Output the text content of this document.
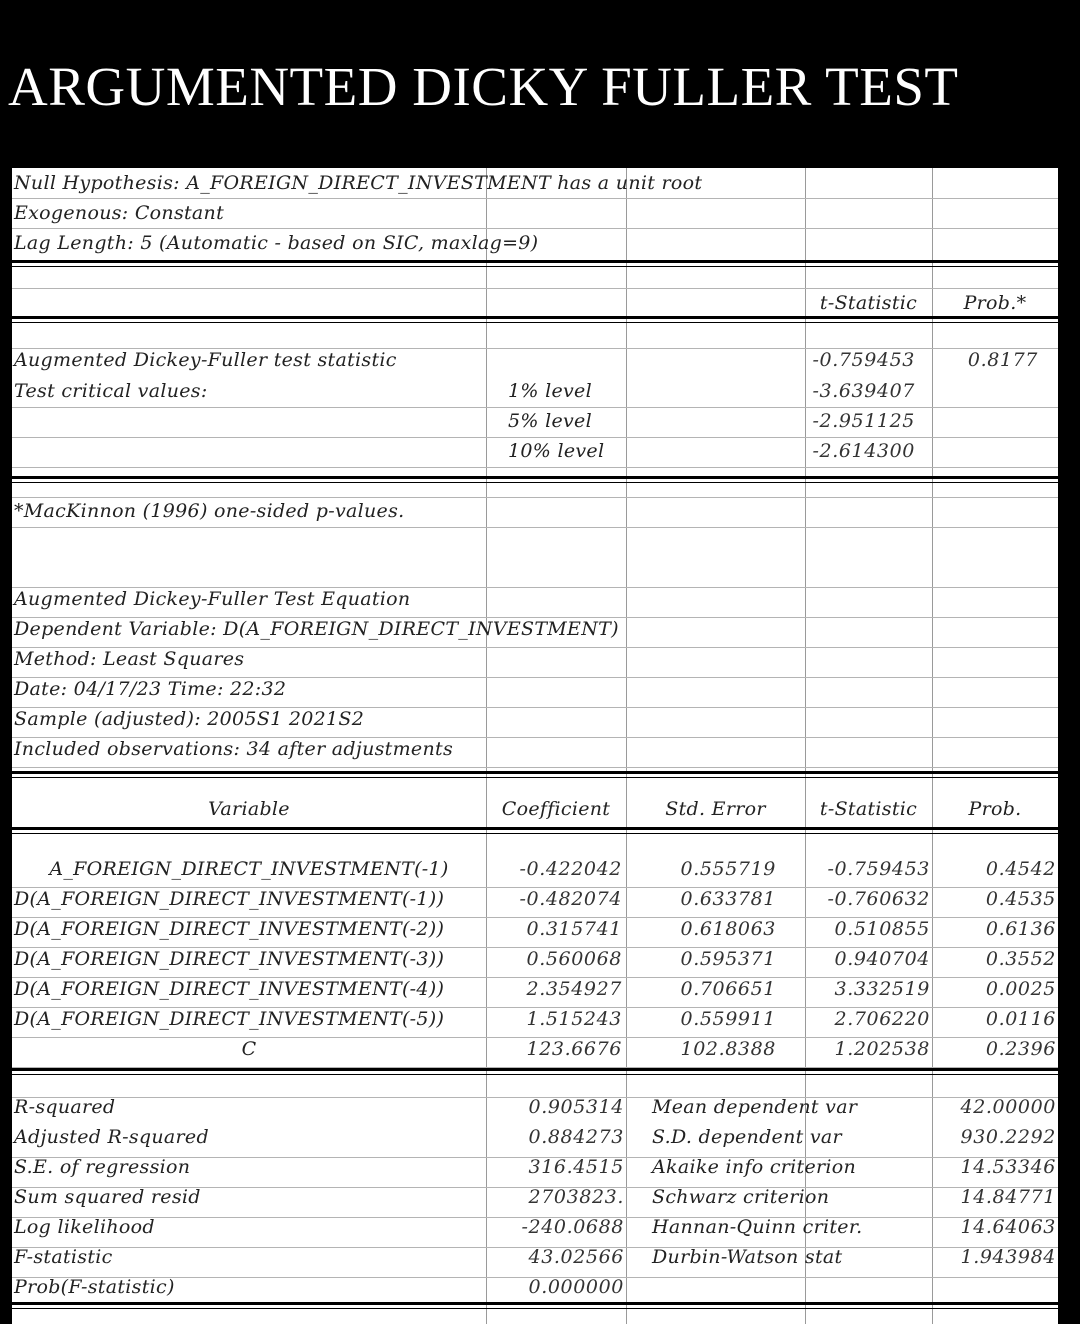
ARGUMENTED DICKY FULLER TEST
Null Hypothesis: A_FOREIGN_DIRECT_INVESTMENT has a unit root
Exogenous: Constant
Lag Length: 5 (Automatic - based on SIC, maxlag=9)
t-Statistic	Prob.*
Augmented Dickey-Fuller test statistic	-0.759453	0.8177
Test critical values:	1% level	-3.639407
5% level	-2.951125
10% level	-2.614300
*MacKinnon (1996) one-sided p-values.
Augmented Dickey-Fuller Test Equation
Dependent Variable: D(A_FOREIGN_DIRECT_INVESTMENT)
Method: Least Squares
Date: 04/17/23 Time: 22:32
Sample (adjusted): 2005S1 2021S2
Included observations: 34 after adjustments
Variable	Coefficient	Std. Error	t-Statistic	Prob.
A_FOREIGN_DIRECT_INVESTMENT(-1)	-0.422042	0.555719	-0.759453	0.4542
D(A_FOREIGN_DIRECT_INVESTMENT(-1))	-0.482074	0.633781	-0.760632	0.4535
D(A_FOREIGN_DIRECT_INVESTMENT(-2))	0.315741	0.618063	0.510855	0.6136
D(A_FOREIGN_DIRECT_INVESTMENT(-3))	0.560068	0.595371	0.940704	0.3552
D(A_FOREIGN_DIRECT_INVESTMENT(-4))	2.354927	0.706651	3.332519	0.0025
D(A_FOREIGN_DIRECT_INVESTMENT(-5))	1.515243	0.559911	2.706220	0.0116
C	123.6676	102.8388	1.202538	0.2396
R-squared	0.905314 Mean dependent var	42.00000
Adjusted R-squared	0.884273 S.D. dependent var	930.2292
S.E. of regression	316.4515 Akaike info criterion	14.53346
Sum squared resid	2703823. Schwarz criterion	14.84771
Log likelihood	-240.0688 Hannan-Quinn criter.	14.64063
F-statistic	43.02566 Durbin-Watson stat	1.943984
Prob(F-statistic)	0.000000
